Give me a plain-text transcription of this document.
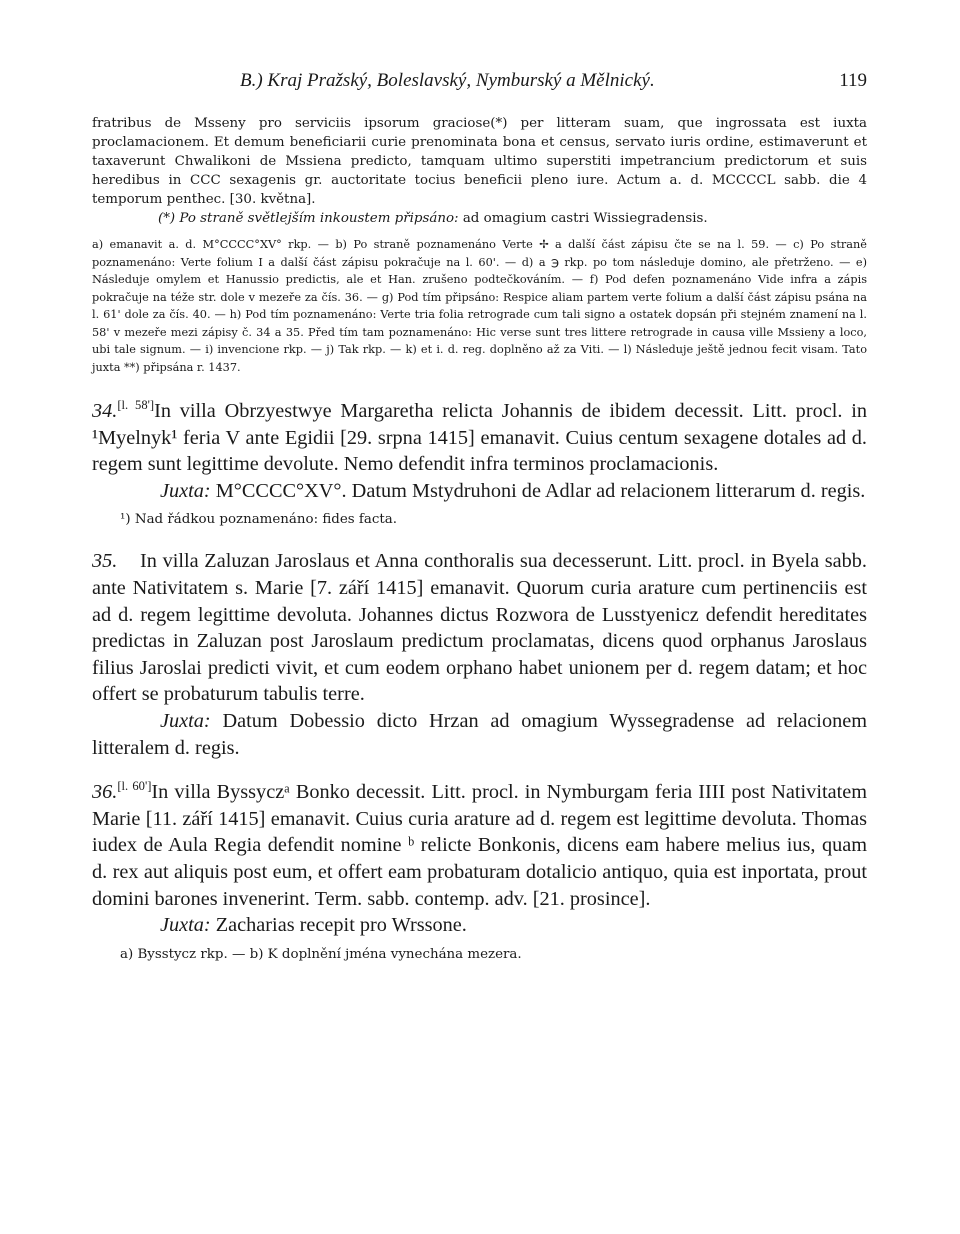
B.) Kraj Pražský, Boleslavský, Nymburský a Mělnický.	119

fratribus de Msseny pro serviciis ipsorum graciose(*) per litteram suam, que ingrossata est iuxta proclamacionem. Et demum beneficiarii curie prenominata bona et census, servato iuris ordine, estimaverunt et taxaverunt Chwalikoni de Mssiena predicto, tamquam ultimo superstiti impetrancium predictorum et suis heredibus in CCC sexagenis gr. auctoritate tocius beneficii pleno iure. Actum a. d. MCCCCL sabb. die 4 temporum penthec. [30. května].

(*) Po straně světlejším inkoustem připsáno: ad omagium castri Wissiegradensis.

a) emanavit a. d. M°CCCC°XV° rkp. — b) Po straně poznamenáno Verte ✢ a další část zápisu čte se na l. 59. — c) Po straně poznamenáno: Verte folium I a další část zápisu pokračuje na l. 60'. — d) a ℈ rkp. po tom následuje domino, ale přetrženo. — e) Následuje omylem et Hanussio predictis, ale et Han. zrušeno podtečkováním. — f) Pod defen poznamenáno Vide infra a zápis pokračuje na téže str. dole v mezeře za čís. 36. — g) Pod tím připsáno: Respice aliam partem verte folium a další část zápisu psána na l. 61' dole za čís. 40. — h) Pod tím poznamenáno: Verte tria folia retrograde cum tali signo a ostatek dopsán při stejném znamení na l. 58' v mezeře mezi zápisy č. 34 a 35. Před tím tam poznamenáno: Hic verse sunt tres littere retrograde in causa ville Mssieny a loco, ubi tale signum. — i) invencione rkp. — j) Tak rkp. — k) et i. d. reg. doplněno až za Viti. — l) Následuje ještě jednou fecit visam. Tato juxta **) připsána r. 1437.

34.[l. 58']In villa Obrzyestwye Margaretha relicta Johannis de ibidem decessit. Litt. procl. in ¹Myelnyk¹ feria V ante Egidii [29. srpna 1415] emanavit. Cuius centum sexagene dotales ad d. regem sunt legittime devolute. Nemo defendit infra terminos proclamacionis.

Juxta: M°CCCC°XV°. Datum Mstydruhoni de Adlar ad relacionem litterarum d. regis.

¹) Nad řádkou poznamenáno: fides facta.

35. In villa Zaluzan Jaroslaus et Anna conthoralis sua decesserunt. Litt. procl. in Byela sabb. ante Nativitatem s. Marie [7. září 1415] emanavit. Quorum curia arature cum pertinenciis est ad d. regem legittime devoluta. Johannes dictus Rozwora de Lusstyenicz defendit hereditates predictas in Zaluzan post Jaroslaum predictum proclamatas, dicens quod orphanus Jaroslaus filius Jaroslai predicti vivit, et cum eodem orphano habet unionem per d. regem datam; et hoc offert se probaturum tabulis terre.

Juxta: Datum Dobessio dicto Hrzan ad omagium Wyssegradense ad relacionem litteralem d. regis.

36.[l. 60']In villa Byssyczᵃ Bonko decessit. Litt. procl. in Nymburgam feria IIII post Nativitatem Marie [11. září 1415] emanavit. Cuius curia arature ad d. regem est legittime devoluta. Thomas iudex de Aula Regia defendit nomine ᵇ relicte Bonkonis, dicens eam habere melius ius, quam d. rex aut aliquis post eum, et offert eam probaturam dotalicio antiquo, quia est inportata, prout domini barones invenerint. Term. sabb. contemp. adv. [21. prosince].

Juxta: Zacharias recepit pro Wrssone.

a) Bysstycz rkp. — b) K doplnění jména vynechána mezera.
